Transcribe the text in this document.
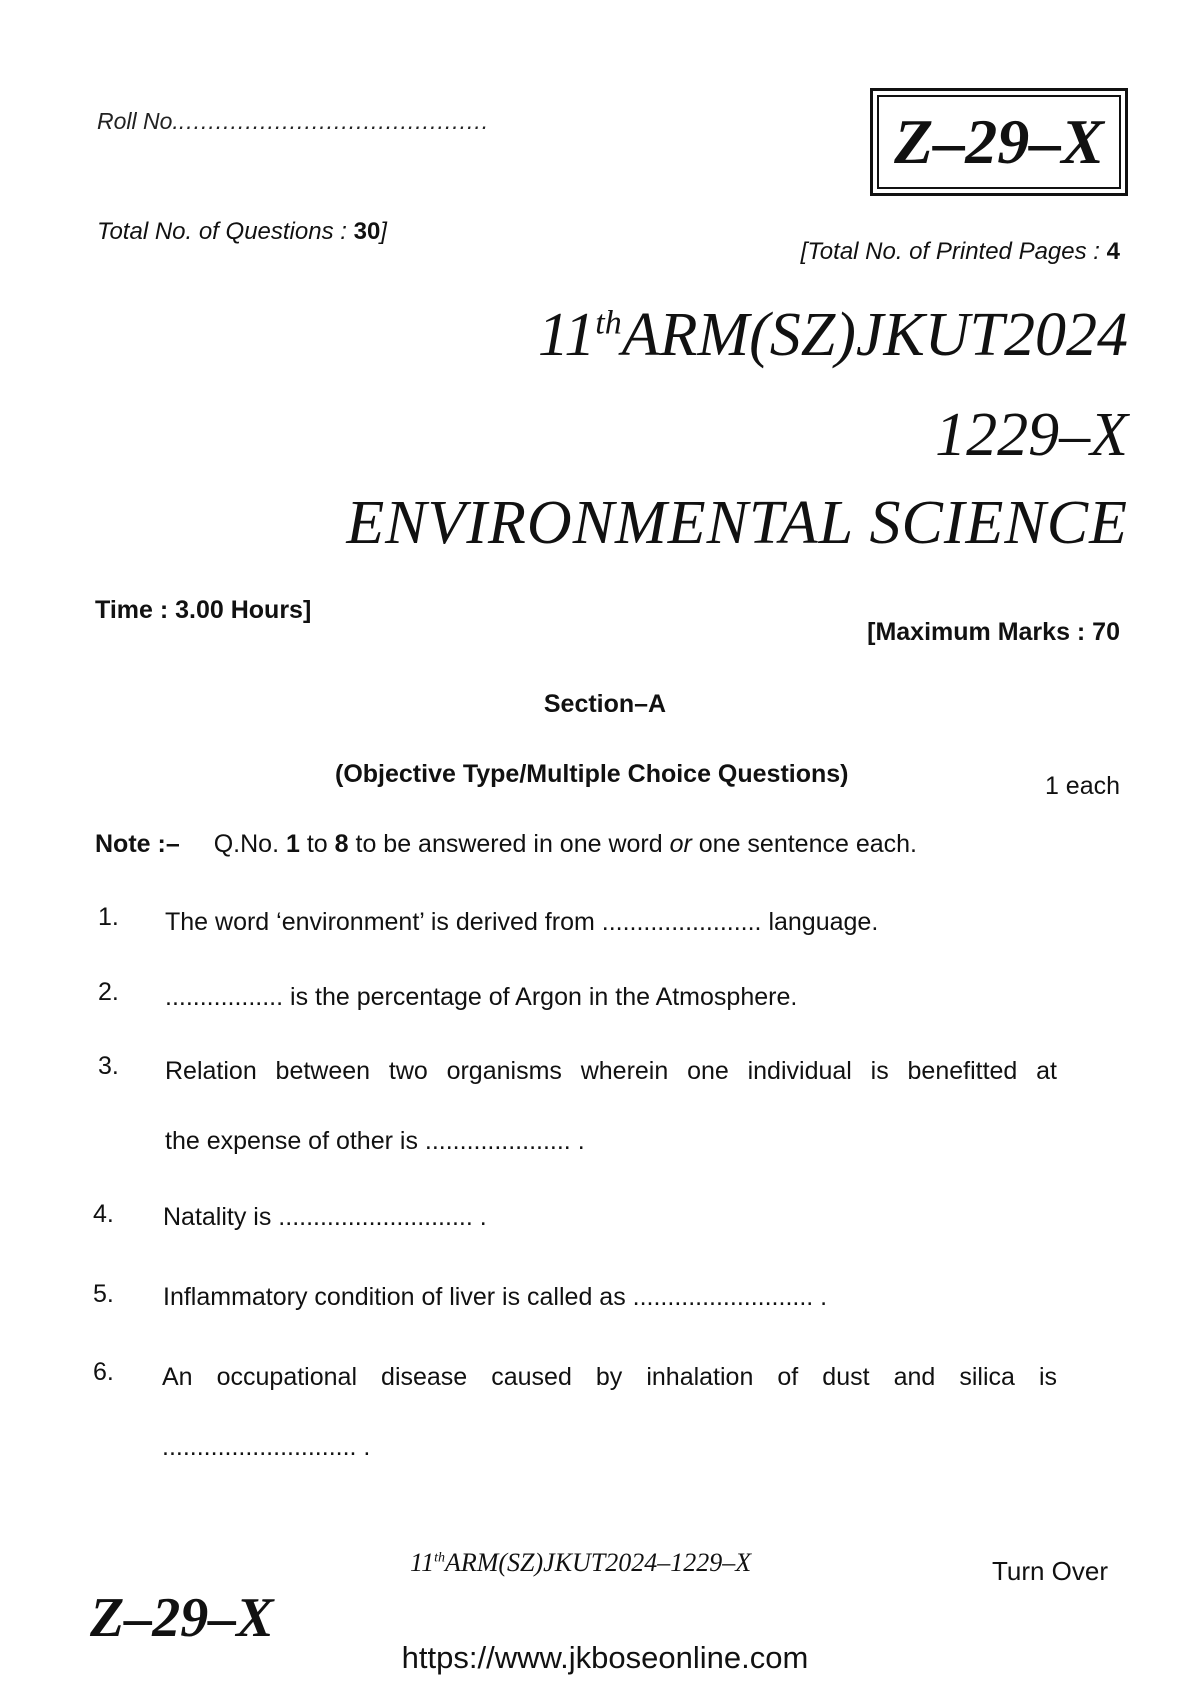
Roll No...........................................	Z–29–X
Total No. of Questions : 30]
[Total No. of Printed Pages : 4
11thARM(SZ)JKUT2024
1229–X
ENVIRONMENTAL SCIENCE
Time : 3.00 Hours]
[Maximum Marks : 70
Section–A
(Objective Type/Multiple Choice Questions)	1 each
Note :– Q.No. 1 to 8 to be answered in one word or one sentence each.
1. The word ‘environment’ is derived from ....................... language.
2. ................. is the percentage of Argon in the Atmosphere.
3. Relation between two organisms wherein one individual is benefitted at
the expense of other is ..................... .
4. Natality is ............................ .
5. Inflammatory condition of liver is called as .......................... .
6. An occupational disease caused by inhalation of dust and silica is
............................ .
11thARM(SZ)JKUT2024–1229–X	Turn Over
Z–29–X
https://www.jkboseonline.com
